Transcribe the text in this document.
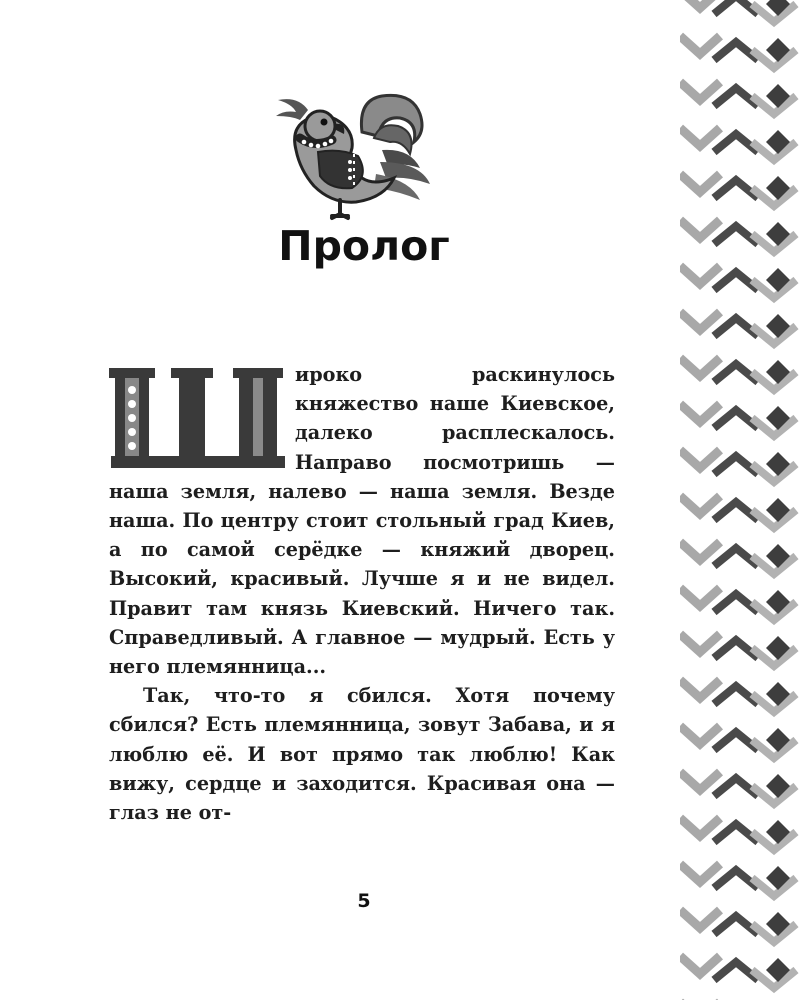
Пролог

ироко раскинулось княжество наше Киевское, далеко расплескалось. Направо посмотришь — наша земля, налево — наша земля. Везде наша. По центру стоит стольный град Киев, а по самой серёдке — княжий дворец. Высокий, красивый. Лучше я и не видел. Правит там князь Киевский. Ничего так. Справедливый. А главное — мудрый. Есть у него племянница...

Так, что-то я сбился. Хотя почему сбился? Есть племянница, зовут Забава, и я люблю её. И вот прямо так люблю! Как вижу, сердце и заходится. Красивая она — глаз не от-

5
